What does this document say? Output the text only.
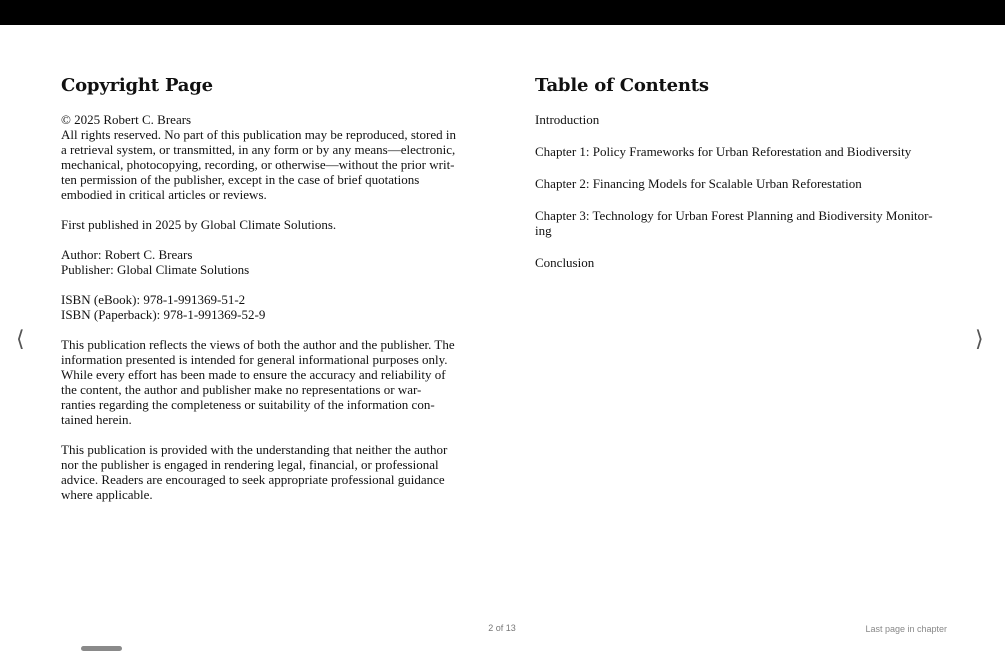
Copyright Page
© 2025 Robert C. Brears
All rights reserved. No part of this publication may be reproduced, stored in
a retrieval system, or transmitted, in any form or by any means—electronic,
mechanical, photocopying, recording, or otherwise—without the prior writ-
ten permission of the publisher, except in the case of brief quotations
embodied in critical articles or reviews.
First published in 2025 by Global Climate Solutions.
Author: Robert C. Brears
Publisher: Global Climate Solutions
ISBN (eBook): 978-1-991369-51-2
ISBN (Paperback): 978-1-991369-52-9
This publication reflects the views of both the author and the publisher. The
information presented is intended for general informational purposes only.
While every effort has been made to ensure the accuracy and reliability of
the content, the author and publisher make no representations or war-
ranties regarding the completeness or suitability of the information con-
tained herein.
This publication is provided with the understanding that neither the author
nor the publisher is engaged in rendering legal, financial, or professional
advice. Readers are encouraged to seek appropriate professional guidance
where applicable.
Table of Contents
Introduction
Chapter 1: Policy Frameworks for Urban Reforestation and Biodiversity
Chapter 2: Financing Models for Scalable Urban Reforestation
Chapter 3: Technology for Urban Forest Planning and Biodiversity Monitor-
ing
Conclusion
⟨	⟩
2 of 13	Last page in chapter
